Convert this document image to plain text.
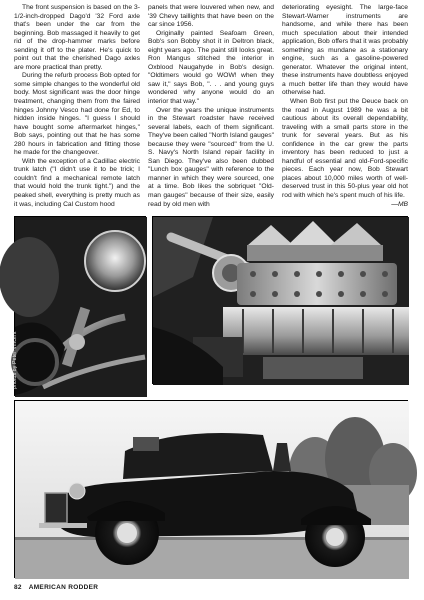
The front suspension is based on the 3-1/2-inch-dropped Dago'd '32 Ford axle that's been under the car from the beginning. Bob massaged it heavily to get rid of the drop-hammer marks before sending it off to the plater. He's quick to point out that the cherished Dago axles are more practical than pretty.

During the refurb process Bob opted for some simple changes to the wonderful old body. Most significant was the door hinge treatment, changing them from the faired hinges Johnny Vesco had done for Ed, to hidden inside hinges. "I guess I should have bought some aftermarket hinges," Bob says, pointing out that he has some 280 hours in fabrication and fitting those he made for the changeover.

With the exception of a Cadillac electric trunk latch ("I didn't use it to be trick; I couldn't find a mechanical remote latch that would hold the trunk tight.") and the peaked shell, everything is pretty much as it was, including Cal Custom hood

panels that were louvered when new, and '39 Chevy taillights that have been on the car since 1956.

Originally painted Seafoam Green, Bob's son Bobby shot it in Deltron black, eight years ago. The paint still looks great. Ron Mangus stitched the interior in Oxblood Naugahyde in Bob's design. "Oldtimers would go WOW! when they saw it," says Bob, ". . . and young guys wondered why anyone would do an interior that way."

Over the years the unique instruments in the Stewart roadster have received several labels, each of them significant. They've been called "North Island gauges" because they were "sourced" from the U. S. Navy's North Island repair facility in San Diego. They've also been dubbed "Lunch box gauges" with reference to the manner in which they were sourced, one at a time. Bob likes the sobriquet "Old-man gauges" because of their size, easily read by old men with

deteriorating eyesight. The large-face Stewart-Warner instruments are handsome, and while there has been much speculation about their intended application, Bob offers that it was probably something as mundane as a stationary engine, such as a gasoline-powered generator. Whatever the original intent, these instruments have doubtless enjoyed a much better life than they would have otherwise had.

When Bob first put the Deuce back on the road in August 1989 he was a bit cautious about its overall dependability, traveling with a small parts store in the trunk for several years. But as his confidence in the car grew the parts inventory has been reduced to just a handful of essential and old-Ford-specific pieces. Each year now, Bob Stewart places about 10,000 miles worth of well-deserved trust in this 50-plus year old hot rod with which he's spent much of his life.

—MB

photos by Peter Vincent
82 AMERICAN RODDER
